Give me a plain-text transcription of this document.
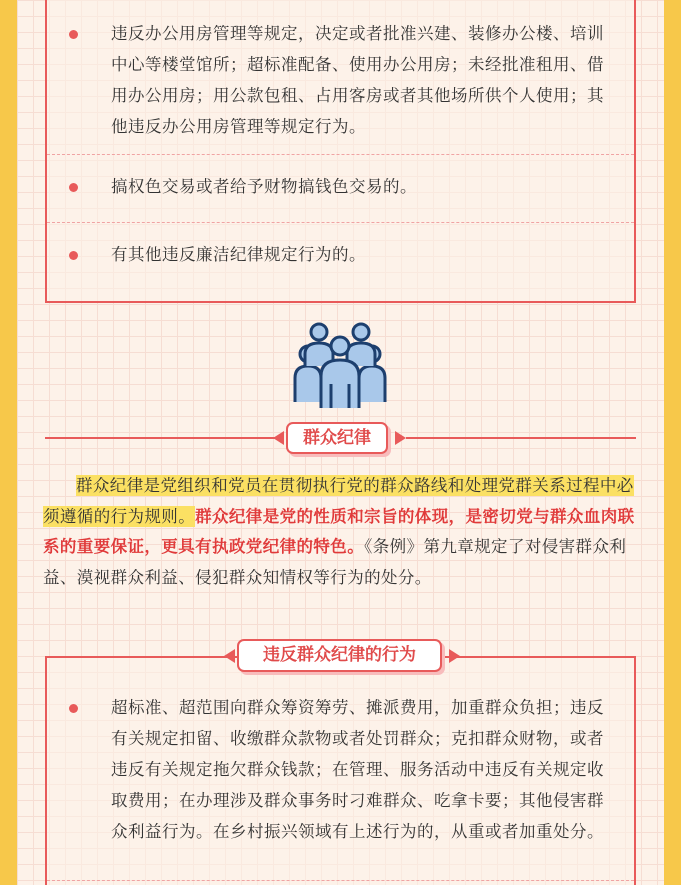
违反办公用房管理等规定，决定或者批准兴建、装修办公楼、培训中心等楼堂馆所；超标准配备、使用办公用房；未经批准租用、借用办公用房；用公款包租、占用客房或者其他场所供个人使用；其他违反办公用房管理等规定行为。
搞权色交易或者给予财物搞钱色交易的。
有其他违反廉洁纪律规定行为的。
群众纪律
群众纪律是党组织和党员在贯彻执行党的群众路线和处理党群关系过程中必须遵循的行为规则。群众纪律是党的性质和宗旨的体现，是密切党与群众血肉联系的重要保证，更具有执政党纪律的特色。《条例》第九章规定了对侵害群众利益、漠视群众利益、侵犯群众知情权等行为的处分。
超标准、超范围向群众筹资筹劳、摊派费用，加重群众负担；违反有关规定扣留、收缴群众款物或者处罚群众；克扣群众财物，或者违反有关规定拖欠群众钱款；在管理、服务活动中违反有关规定收取费用；在办理涉及群众事务时刁难群众、吃拿卡要；其他侵害群众利益行为。在乡村振兴领域有上述行为的，从重或者加重处分。
违反群众纪律的行为
